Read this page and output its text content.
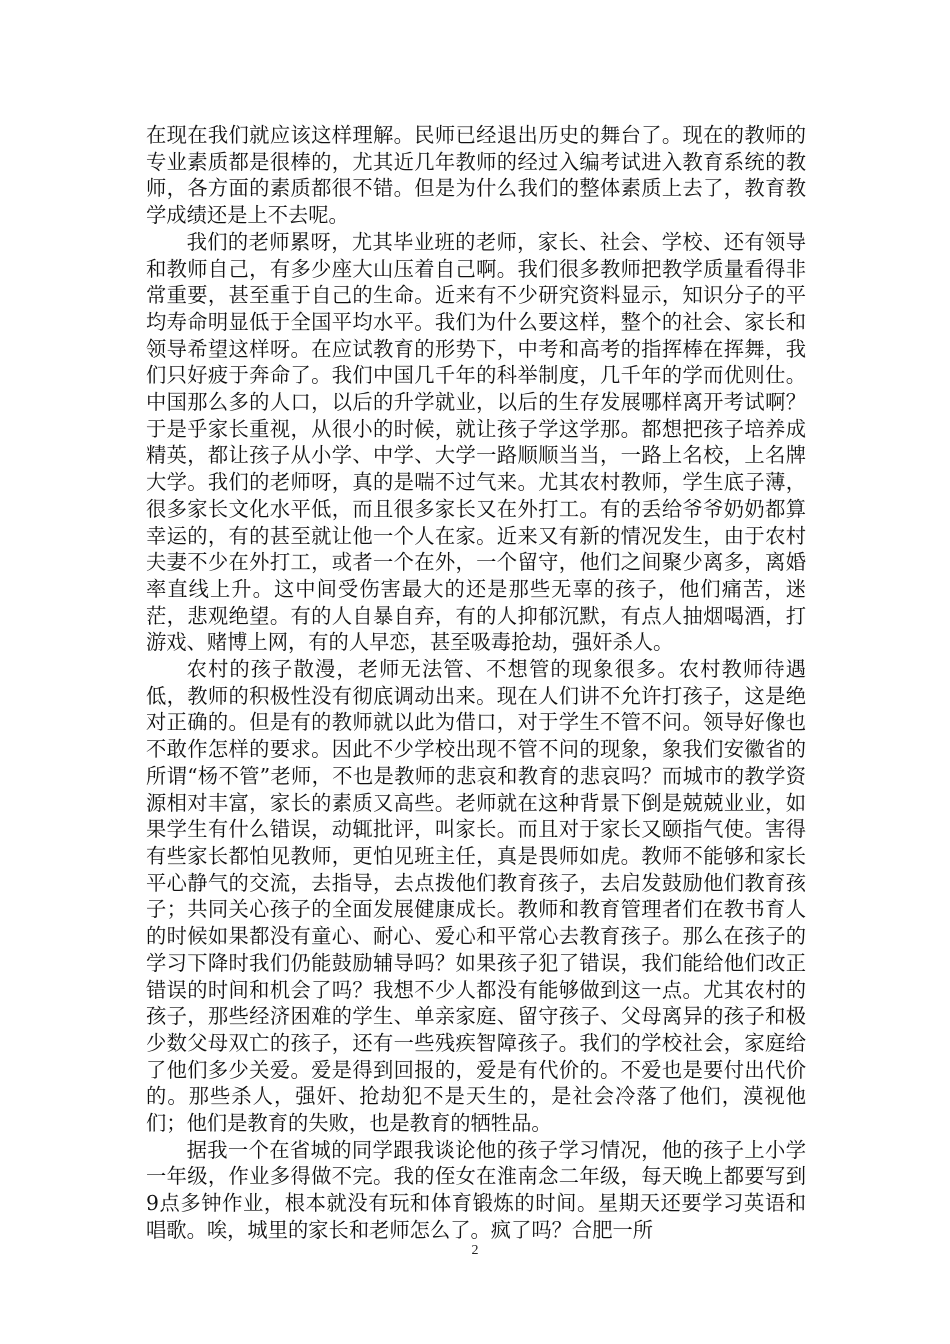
在现在我们就应该这样理解。民师已经退出历史的舞台了。现在的教师的专业素质都是很棒的，尤其近几年教师的经过入编考试进入教育系统的教师，各方面的素质都很不错。但是为什么我们的整体素质上去了，教育教学成绩还是上不去呢。

我们的老师累呀，尤其毕业班的老师，家长、社会、学校、还有领导和教师自己，有多少座大山压着自己啊。我们很多教师把教学质量看得非常重要，甚至重于自己的生命。近来有不少研究资料显示，知识分子的平均寿命明显低于全国平均水平。我们为什么要这样，整个的社会、家长和领导希望这样呀。在应试教育的形势下，中考和高考的指挥棒在挥舞，我们只好疲于奔命了。我们中国几千年的科举制度，几千年的学而优则仕。中国那么多的人口，以后的升学就业，以后的生存发展哪样离开考试啊？于是乎家长重视，从很小的时候，就让孩子学这学那。都想把孩子培养成精英，都让孩子从小学、中学、大学一路顺顺当当，一路上名校，上名牌大学。我们的老师呀，真的是喘不过气来。尤其农村教师，学生底子薄，很多家长文化水平低，而且很多家长又在外打工。有的丢给爷爷奶奶都算幸运的，有的甚至就让他一个人在家。近来又有新的情况发生，由于农村夫妻不少在外打工，或者一个在外，一个留守，他们之间聚少离多，离婚率直线上升。这中间受伤害最大的还是那些无辜的孩子，他们痛苦，迷茫，悲观绝望。有的人自暴自弃，有的人抑郁沉默，有点人抽烟喝酒，打游戏、赌博上网，有的人早恋，甚至吸毒抢劫，强奸杀人。

农村的孩子散漫，老师无法管、不想管的现象很多。农村教师待遇低，教师的积极性没有彻底调动出来。现在人们讲不允许打孩子，这是绝对正确的。但是有的教师就以此为借口，对于学生不管不问。领导好像也不敢作怎样的要求。因此不少学校出现不管不问的现象，象我们安徽省的所谓“杨不管”老师，不也是教师的悲哀和教育的悲哀吗？而城市的教学资源相对丰富，家长的素质又高些。老师就在这种背景下倒是兢兢业业，如果学生有什么错误，动辄批评，叫家长。而且对于家长又颐指气使。害得有些家长都怕见教师，更怕见班主任，真是畏师如虎。教师不能够和家长平心静气的交流，去指导，去点拨他们教育孩子，去启发鼓励他们教育孩子；共同关心孩子的全面发展健康成长。教师和教育管理者们在教书育人的时候如果都没有童心、耐心、爱心和平常心去教育孩子。那么在孩子的学习下降时我们仍能鼓励辅导吗？如果孩子犯了错误，我们能给他们改正错误的时间和机会了吗？我想不少人都没有能够做到这一点。尤其农村的孩子，那些经济困难的学生、单亲家庭、留守孩子、父母离异的孩子和极少数父母双亡的孩子，还有一些残疾智障孩子。我们的学校社会，家庭给了他们多少关爱。爱是得到回报的，爱是有代价的。不爱也是要付出代价的。那些杀人，强奸、抢劫犯不是天生的，是社会冷落了他们，漠视他们；他们是教育的失败，也是教育的牺牲品。

据我一个在省城的同学跟我谈论他的孩子学习情况，他的孩子上小学一年级，作业多得做不完。我的侄女在淮南念二年级，每天晚上都要写到9点多钟作业，根本就没有玩和体育锻炼的时间。星期天还要学习英语和唱歌。唉，城里的家长和老师怎么了。疯了吗？合肥一所

2
